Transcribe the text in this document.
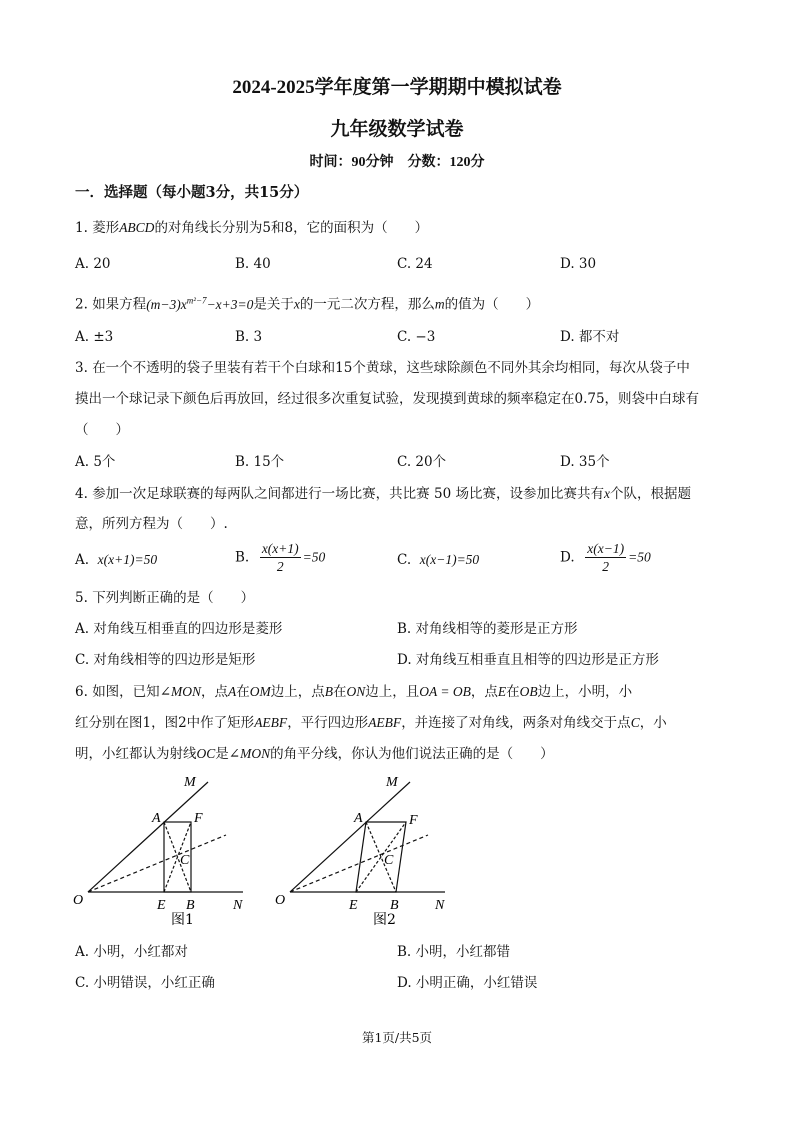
2024-2025学年度第一学期期中模拟试卷
九年级数学试卷
时间：90分钟    分数：120分
一．选择题（每小题3分，共15分）
1. 菱形ABCD的对角线长分别为5和8，它的面积为（　　）
A. 20	B. 40	C. 24	D. 30
2. 如果方程$(m-3)x^{m^2-7}-x+3=0$是关于x的一元二次方程，那么m的值为（　　）
A. ±3	B. 3	C. −3	D. 都不对
3. 在一个不透明的袋子里装有若干个白球和15个黄球，这些球除颜色不同外其余均相同，每次从袋子中
摸出一个球记录下颜色后再放回，经过很多次重复试验，发现摸到黄球的频率稳定在0.75，则袋中白球有
（　　）
A. 5个	B. 15个	C. 20个	D. 35个
4. 参加一次足球联赛的每两队之间都进行一场比赛，共比赛 50 场比赛，设参加比赛共有x个队，根据题
意，所列方程为（　　）.
A. x(x+1)=50	B. $\frac{x(x+1)}{2} =50$	C. x(x−1)=50	D. $\frac{x(x-1)}{2} =50$
5. 下列判断正确的是（　　）
A. 对角线互相垂直的四边形是菱形	B. 对角线相等的菱形是正方形
C. 对角线相等的四边形是矩形	D. 对角线互相垂直且相等的四边形是正方形
6. 如图，已知∠MON，点A在OM边上，点B在ON边上，且OA = OB，点E在OB边上，小明，小
红分别在图1，图2中作了矩形AEBF，平行四边形AEBF，并连接了对角线，两条对角线交于点C，小
明，小红都认为射线OC是∠MON的角平分线，你认为他们说法正确的是（　　）
M
A F
C
O	E B	N
图1
M
A	F
C
O	E B	N
图2
A. 小明，小红都对	B. 小明，小红都错
C. 小明错误，小红正确	D. 小明正确，小红错误
第1页/共5页
